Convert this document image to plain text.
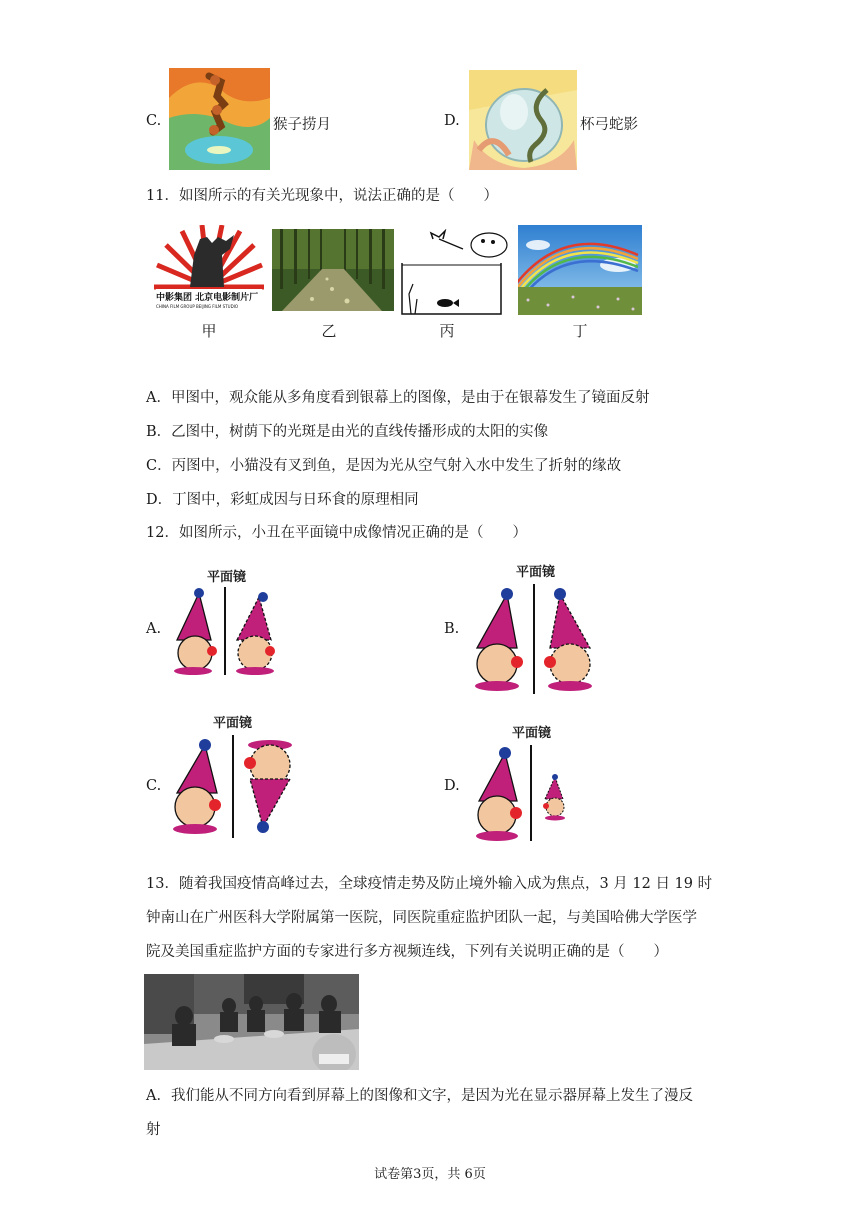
C.	猴子捞月	D.	杯弓蛇影
11．如图所示的有关光现象中，说法正确的是（　　）
中影集团 北京电影制片厂
CHINA FILM GROUP BEIJING FILM STUDIO
甲	乙	丙	丁
A．甲图中，观众能从多角度看到银幕上的图像，是由于在银幕发生了镜面反射
B．乙图中，树荫下的光斑是由光的直线传播形成的太阳的实像
C．丙图中，小猫没有叉到鱼，是因为光从空气射入水中发生了折射的缘故
D．丁图中，彩虹成因与日环食的原理相同
12．如图所示，小丑在平面镜中成像情况正确的是（　　）
A.
平面镜
B.
平面镜
C.
平面镜
D.
平面镜
13．随着我国疫情高峰过去，全球疫情走势及防止境外输入成为焦点，3 月 12 日 19 时
钟南山在广州医科大学附属第一医院，同医院重症监护团队一起，与美国哈佛大学医学
院及美国重症监护方面的专家进行多方视频连线，下列有关说明正确的是（　　）
A．我们能从不同方向看到屏幕上的图像和文字，是因为光在显示器屏幕上发生了漫反
射
试卷第3页，共 6页
